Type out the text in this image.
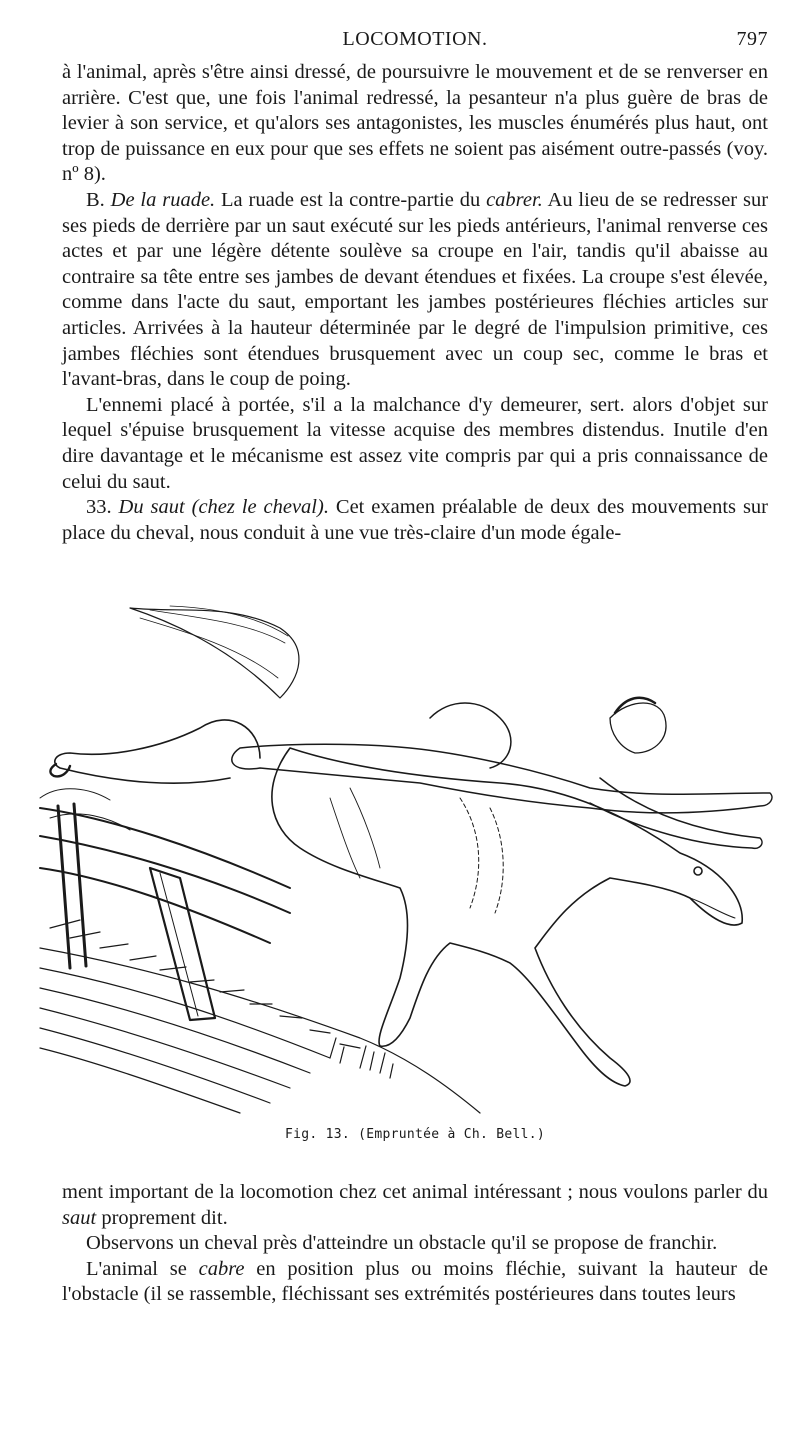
LOCOMOTION.	797

à l'animal, après s'être ainsi dressé, de poursuivre le mouvement et de se renverser en arrière. C'est que, une fois l'animal redressé, la pesanteur n'a plus guère de bras de levier à son service, et qu'alors ses antagonistes, les muscles énumérés plus haut, ont trop de puissance en eux pour que ses effets ne soient pas aisément outre-passés (voy. nº 8).

B. De la ruade. La ruade est la contre-partie du cabrer. Au lieu de se redresser sur ses pieds de derrière par un saut exécuté sur les pieds antérieurs, l'animal renverse ces actes et par une légère détente soulève sa croupe en l'air, tandis qu'il abaisse au contraire sa tête entre ses jambes de devant étendues et fixées. La croupe s'est élevée, comme dans l'acte du saut, emportant les jambes postérieures fléchies articles sur articles. Arrivées à la hauteur déterminée par le degré de l'impulsion primitive, ces jambes fléchies sont étendues brusquement avec un coup sec, comme le bras et l'avant-bras, dans le coup de poing.

L'ennemi placé à portée, s'il a la malchance d'y demeurer, sert. alors d'objet sur lequel s'épuise brusquement la vitesse acquise des membres distendus. Inutile d'en dire davantage et le mécanisme est assez vite compris par qui a pris connaissance de celui du saut.

33. Du saut (chez le cheval). Cet examen préalable de deux des mouvements sur place du cheval, nous conduit à une vue très-claire d'un mode égale-

Fig. 13. (Empruntée à Ch. Bell.)

ment important de la locomotion chez cet animal intéressant ; nous voulons parler du saut proprement dit.

Observons un cheval près d'atteindre un obstacle qu'il se propose de franchir.

L'animal se cabre en position plus ou moins fléchie, suivant la hauteur de l'obstacle (il se rassemble, fléchissant ses extrémités postérieures dans toutes leurs
